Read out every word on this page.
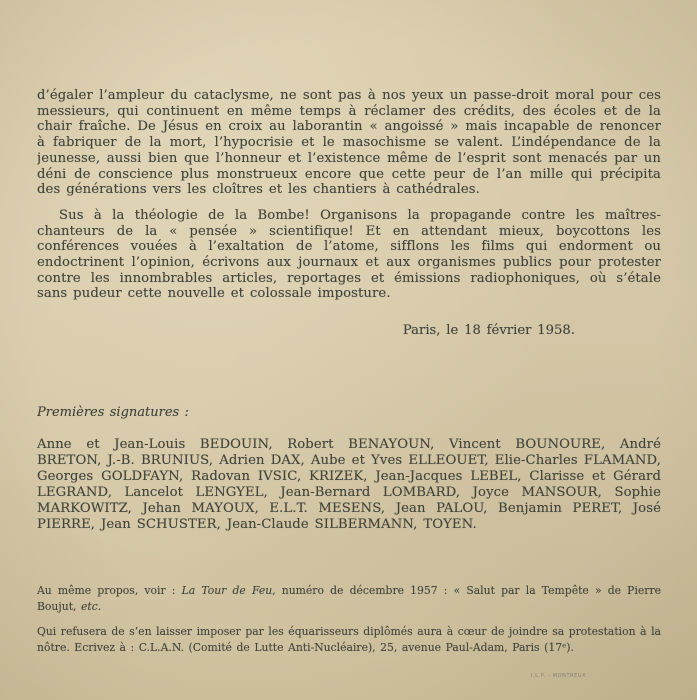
d’égaler l’ampleur du cataclysme, ne sont pas à nos yeux un passe-droit moral pour ces messieurs, qui continuent en même temps à réclamer des crédits, des écoles et de la chair fraîche. De Jésus en croix au laborantin « angoissé » mais incapable de renoncer à fabriquer de la mort, l’hypocrisie et le masochisme se valent. L’indépendance de la jeunesse, aussi bien que l’honneur et l’existence même de l’esprit sont menacés par un déni de conscience plus monstrueux encore que cette peur de l’an mille qui précipita des générations vers les cloîtres et les chantiers à cathédrales.

Sus à la théologie de la Bombe! Organisons la propagande contre les maîtres-chanteurs de la « pensée » scientifique! Et en attendant mieux, boycottons les conférences vouées à l’exaltation de l’atome, sifflons les films qui endorment ou endoctrinent l’opinion, écrivons aux journaux et aux organismes publics pour protester contre les innombrables articles, reportages et émissions radiophoniques, où s’étale sans pudeur cette nouvelle et colossale imposture.

Paris, le 18 février 1958.

Premières signatures :

Anne et Jean-Louis BEDOUIN, Robert BENAYOUN, Vincent BOUNOURE, André BRETON, J.-B. BRUNIUS, Adrien DAX, Aube et Yves ELLEOUET, Elie-Charles FLAMAND, Georges GOLDFAYN, Radovan IVSIC, KRIZEK, Jean-Jacques LEBEL, Clarisse et Gérard LEGRAND, Lancelot LENGYEL, Jean-Bernard LOMBARD, Joyce MANSOUR, Sophie MARKOWITZ, Jehan MAYOUX, E.L.T. MESENS, Jean PALOU, Benjamin PERET, José PIERRE, Jean SCHUSTER, Jean-Claude SILBERMANN, TOYEN.

Au même propos, voir : La Tour de Feu, numéro de décembre 1957 : « Salut par la Tempête » de Pierre Boujut, etc.

Qui refusera de s’en laisser imposer par les équarisseurs diplômés aura à cœur de joindre sa protestation à la nôtre. Ecrivez à : C.L.A.N. (Comité de Lutte Anti-Nucléaire), 25, avenue Paul-Adam, Paris (17ᵉ).

I.L.P. - MONTREUX
